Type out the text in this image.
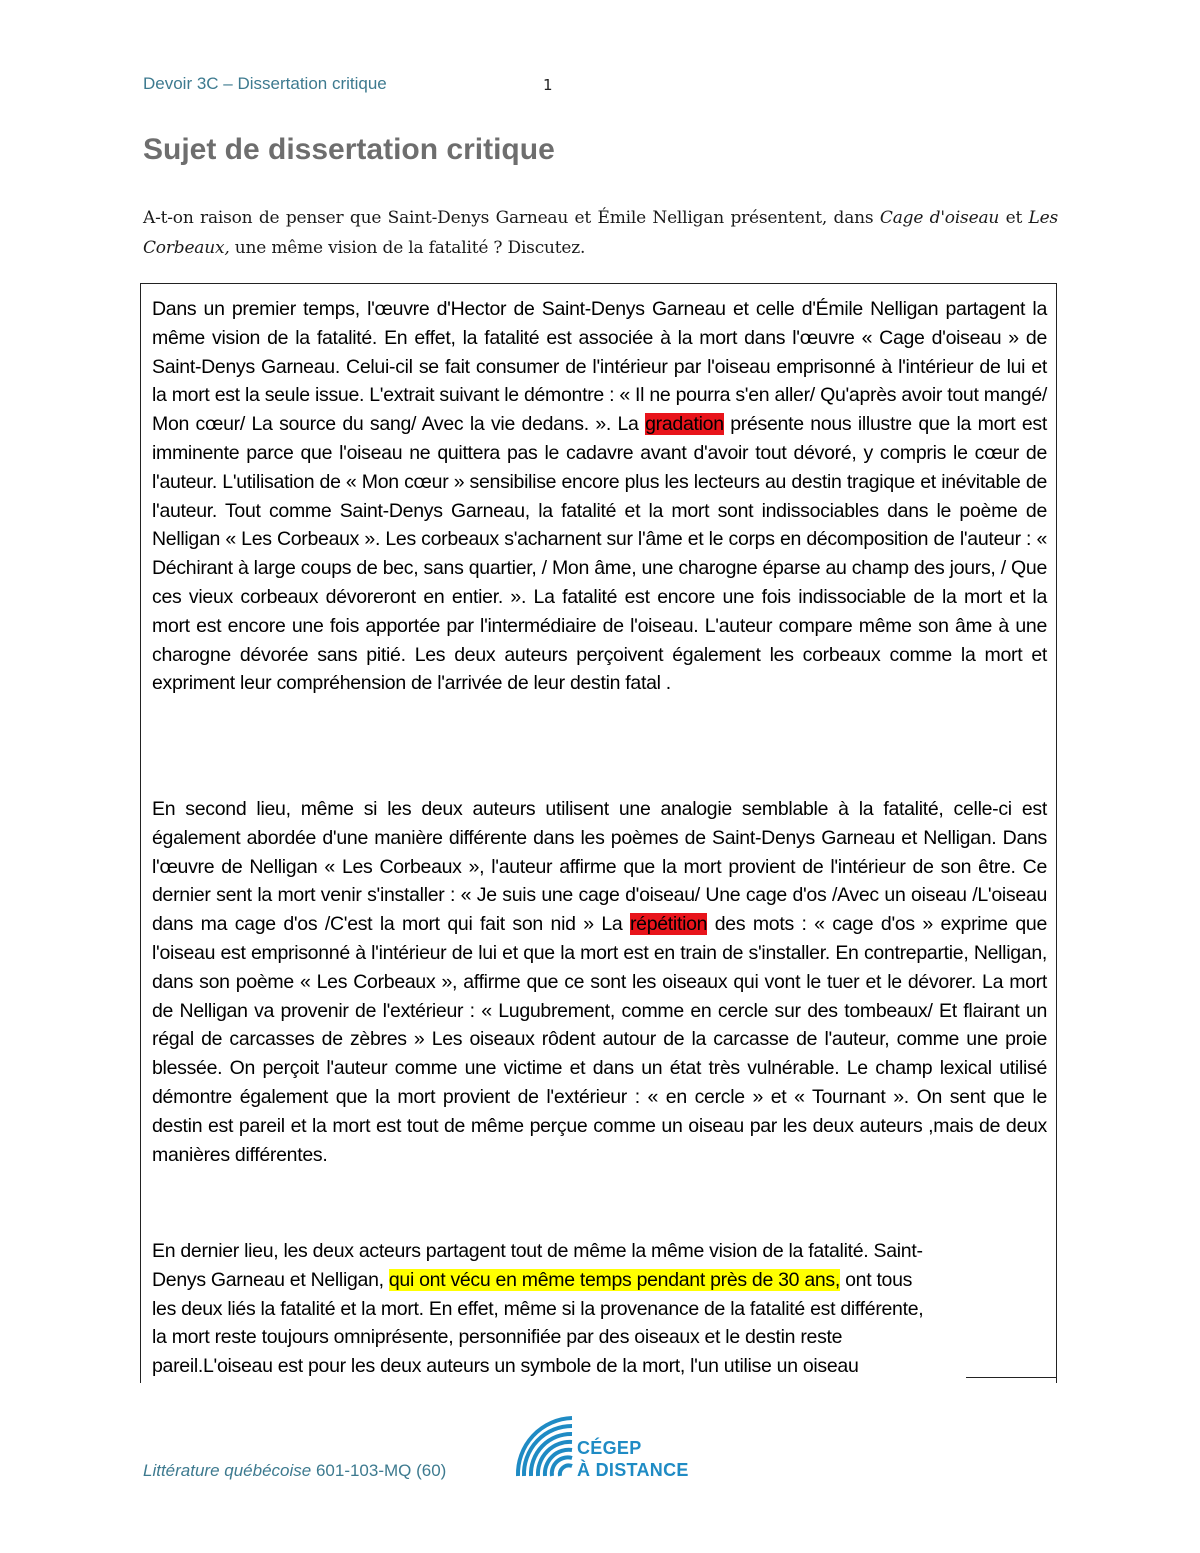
Devoir 3C – Dissertation critique	1
Sujet de dissertation critique

A-t-on raison de penser que Saint-Denys Garneau et Émile Nelligan présentent, dans Cage d'oiseau et Les Corbeaux, une même vision de la fatalité ? Discutez.

Dans un premier temps, l'œuvre d'Hector de Saint-Denys Garneau et celle d'Émile Nelligan partagent la même vision de la fatalité. En effet, la fatalité est associée à la mort dans l'œuvre « Cage d'oiseau » de Saint-Denys Garneau. Celui-cil se fait consumer de l'intérieur par l'oiseau emprisonné à l'intérieur de lui et la mort est la seule issue. L'extrait suivant le démontre : « Il ne pourra s'en aller/ Qu'après avoir tout mangé/ Mon cœur/ La source du sang/ Avec la vie dedans. ». La gradation présente nous illustre que la mort est imminente parce que l'oiseau ne quittera pas le cadavre avant d'avoir tout dévoré, y compris le cœur de l'auteur. L'utilisation de « Mon cœur » sensibilise encore plus les lecteurs au destin tragique et inévitable de l'auteur. Tout comme Saint-Denys Garneau, la fatalité et la mort sont indissociables dans le poème de Nelligan « Les Corbeaux ». Les corbeaux s'acharnent sur l'âme et le corps en décomposition de l'auteur : « Déchirant à large coups de bec, sans quartier, / Mon âme, une charogne éparse au champ des jours, / Que ces vieux corbeaux dévoreront en entier. ». La fatalité est encore une fois indissociable de la mort et la mort est encore une fois apportée par l'intermédiaire de l'oiseau. L'auteur compare même son âme à une charogne dévorée sans pitié. Les deux auteurs perçoivent également les corbeaux comme la mort et expriment leur compréhension de l'arrivée de leur destin fatal .
En second lieu, même si les deux auteurs utilisent une analogie semblable à la fatalité, celle-ci est également abordée d'une manière différente dans les poèmes de Saint-Denys Garneau et Nelligan. Dans l'œuvre de Nelligan « Les Corbeaux », l'auteur affirme que la mort provient de l'intérieur de son être. Ce dernier sent la mort venir s'installer : « Je suis une cage d'oiseau/ Une cage d'os /Avec un oiseau /L'oiseau dans ma cage d'os /C'est la mort qui fait son nid » La répétition des mots : « cage d'os » exprime que l'oiseau est emprisonné à l'intérieur de lui et que la mort est en train de s'installer. En contrepartie, Nelligan, dans son poème « Les Corbeaux », affirme que ce sont les oiseaux qui vont le tuer et le dévorer. La mort de Nelligan va provenir de l'extérieur : « Lugubrement, comme en cercle sur des tombeaux/ Et flairant un régal de carcasses de zèbres » Les oiseaux rôdent autour de la carcasse de l'auteur, comme une proie blessée. On perçoit l'auteur comme une victime et dans un état très vulnérable. Le champ lexical utilisé démontre également que la mort provient de l'extérieur : « en cercle » et « Tournant ». On sent que le destin est pareil et la mort est tout de même perçue comme un oiseau par les deux auteurs ,mais de deux manières différentes.
En dernier lieu, les deux acteurs partagent tout de même la même vision de la fatalité. Saint-
Denys Garneau et Nelligan, qui ont vécu en même temps pendant près de 30 ans, ont tous
les deux liés la fatalité et la mort. En effet, même si la provenance de la fatalité est différente,
la mort reste toujours omniprésente, personnifiée par des oiseaux et le destin reste
pareil.L'oiseau est pour les deux auteurs un symbole de la mort, l'un utilise un oiseau
Littérature québécoise 601-103-MQ (60)
CÉGEP
À DISTANCE
